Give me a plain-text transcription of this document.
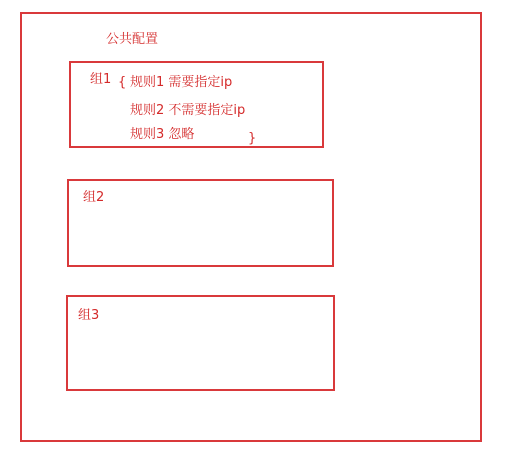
公共配置
组1 { 规则1 需要指定ip
规则2 不需要指定ip
规则3 忽略	}
组2
组3
